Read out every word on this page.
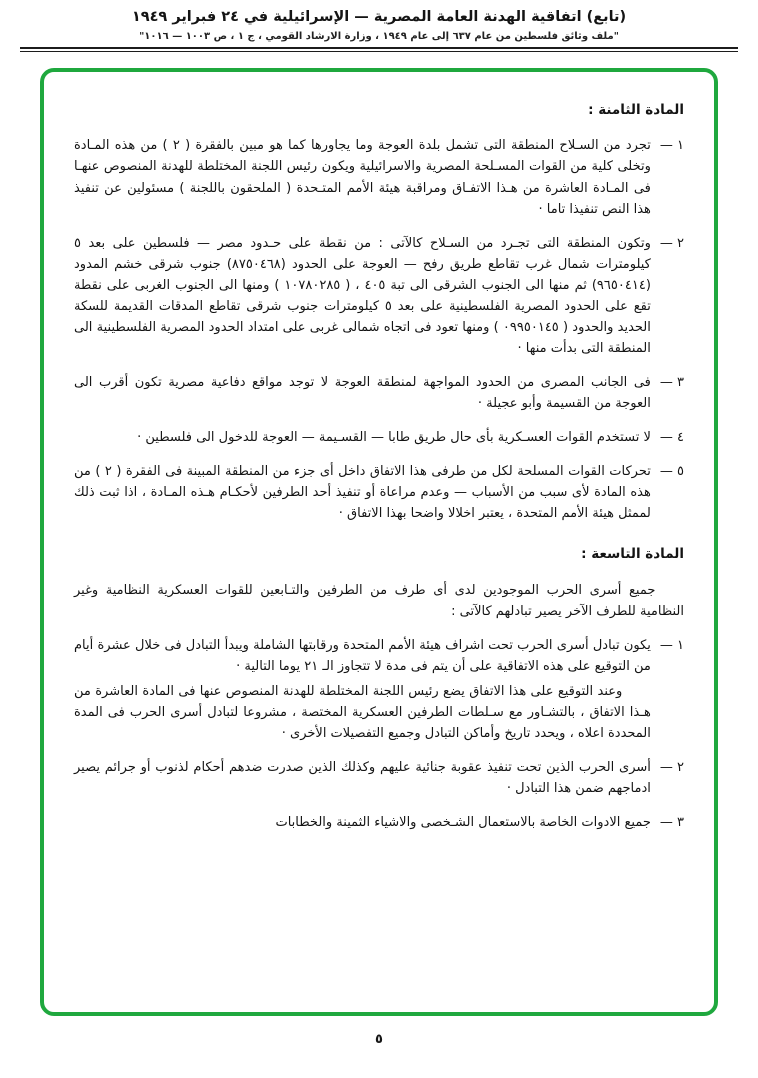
(تابع) اتفاقية الهدنة العامة المصرية — الإسرائيلية في ٢٤ فبراير ١٩٤٩
"ملف وثائق فلسطين من عام ٦٣٧ إلى عام ١٩٤٩ ، وزارة الارشاد القومي ، ج ١ ، ص ١٠٠٣ — ١٠١٦"
المادة الثامنة :
١ —

تجرد من السـلاح المنطقة التى تشمل بلدة العوجة وما يجاورها كما هو مبين بالفقرة ( ٢ ) من هذه المـادة وتخلى كلية من القوات المسـلحة المصرية والاسرائيلية ويكون رئيس اللجنة المختلطة للهدنة المنصوص عنهـا فى المـادة العاشرة من هـذا الاتفـاق ومراقبة هيئة الأمم المتـحدة ( الملحقون باللجنة ) مسئولين عن تنفيذ هذا النص تنفيذا تاما ·

٢ —

وتكون المنطقة التى تجـرد من السـلاح كالآتى : من نقطة على حـدود مصر — فلسطين على بعد ٥ كيلومترات شمال غرب تقاطع طريق رفح — العوجة على الحدود (٨٧٥٠٤٦٨) جنوب شرقى خشم المدود (٩٦٥٠٤١٤) ثم منها الى الجنوب الشرقى الى تبة ٤٠٥ ، ( ١٠٧٨٠٢٨٥ ) ومنها الى الجنوب الغربى على نقطة تقع على الحدود المصرية الفلسطينية على بعد ٥ كيلومترات جنوب شرقى تقاطع المدقات القديمة للسكة الحديد والحدود ( ٠٩٩٥٠١٤٥ ) ومنها تعود فى اتجاه شمالى غربى على امتداد الحدود المصرية الفلسطينية الى المنطقة التى بدأت منها ·

٣ —

فى الجانب المصرى من الحدود المواجهة لمنطقة العوجة لا توجد مواقع دفاعية مصرية تكون أقرب الى العوجة من القسيمة وأبو عجيلة ·

٤ —

لا تستخدم القوات العسـكرية بأى حال طريق طابا — القسـيمة — العوجة للدخول الى فلسطين ·

٥ —

تحركات القوات المسلحة لكل من طرفى هذا الاتفاق داخل أى جزء من المنطقة المبينة فى الفقرة ( ٢ ) من هذه المادة لأى سبب من الأسباب — وعدم مراعاة أو تنفيذ أحد الطرفين لأحكـام هـذه المـادة ، اذا ثبت ذلك لممثل هيئة الأمم المتحدة ، يعتبر اخلالا واضحا بهذا الاتفاق ·

المادة التاسعة :

جميع أسرى الحرب الموجودين لدى أى طرف من الطرفين والتـابعين للقوات العسكرية النظامية وغير النظامية للطرف الآخر يصير تبادلهم كالآتى :

١ —

يكون تبادل أسرى الحرب تحت اشراف هيئة الأمم المتحدة ورقابتها الشاملة ويبدأ التبادل فى خلال عشرة أيام من التوقيع على هذه الاتفاقية على أن يتم فى مدة لا تتجاوز الـ ٢١ يوما التالية ·

وعند التوقيع على هذا الاتفاق يضع رئيس اللجنة المختلطة للهدنة المنصوص عنها فى المادة العاشرة من هـذا الاتفاق ، بالتشـاور مع سـلطات الطرفين العسكرية المختصة ، مشروعا لتبادل أسرى الحرب فى المدة المحددة اعلاه ، ويحدد تاريخ وأماكن التبادل وجميع التفصيلات الأخرى ·

٢ —

أسرى الحرب الذين تحت تنفيذ عقوبة جنائية عليهم وكذلك الذين صدرت ضدهم أحكام لذنوب أو جرائم يصير ادماجهم ضمن هذا التبادل ·

٣ —

جميع الادوات الخاصة بالاستعمال الشـخصى والاشياء الثمينة والخطابات

٥
